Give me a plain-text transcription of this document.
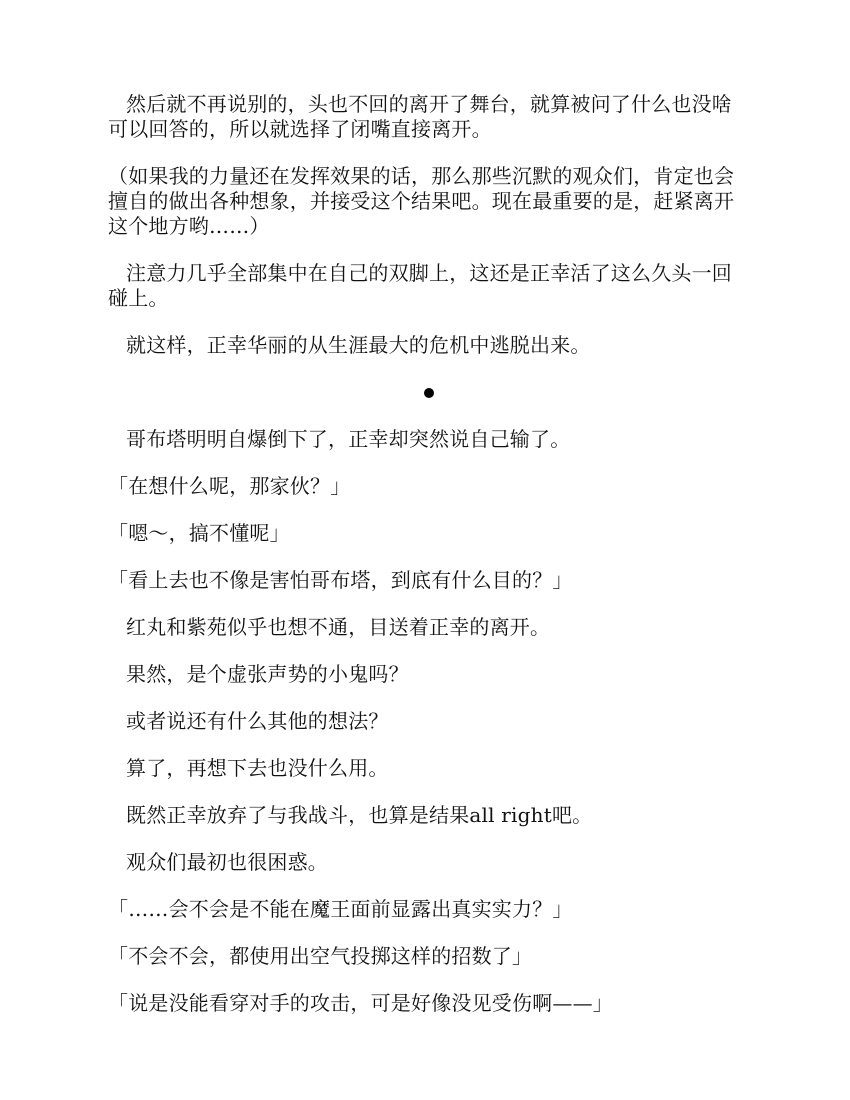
然后就不再说别的，头也不回的离开了舞台，就算被问了什么也没啥可以回答的，所以就选择了闭嘴直接离开。

（如果我的力量还在发挥效果的话，那么那些沉默的观众们，肯定也会擅自的做出各种想象，并接受这个结果吧。现在最重要的是，赶紧离开这个地方哟……）

注意力几乎全部集中在自己的双脚上，这还是正幸活了这么久头一回碰上。

就这样，正幸华丽的从生涯最大的危机中逃脱出来。

哥布塔明明自爆倒下了，正幸却突然说自己输了。

「在想什么呢，那家伙？」

「嗯～，搞不懂呢」

「看上去也不像是害怕哥布塔，到底有什么目的？」

红丸和紫苑似乎也想不通，目送着正幸的离开。

果然，是个虚张声势的小鬼吗？

或者说还有什么其他的想法？

算了，再想下去也没什么用。

既然正幸放弃了与我战斗，也算是结果all right吧。

观众们最初也很困惑。

「……会不会是不能在魔王面前显露出真实实力？」

「不会不会，都使用出空气投掷这样的招数了」

「说是没能看穿对手的攻击，可是好像没见受伤啊——」
